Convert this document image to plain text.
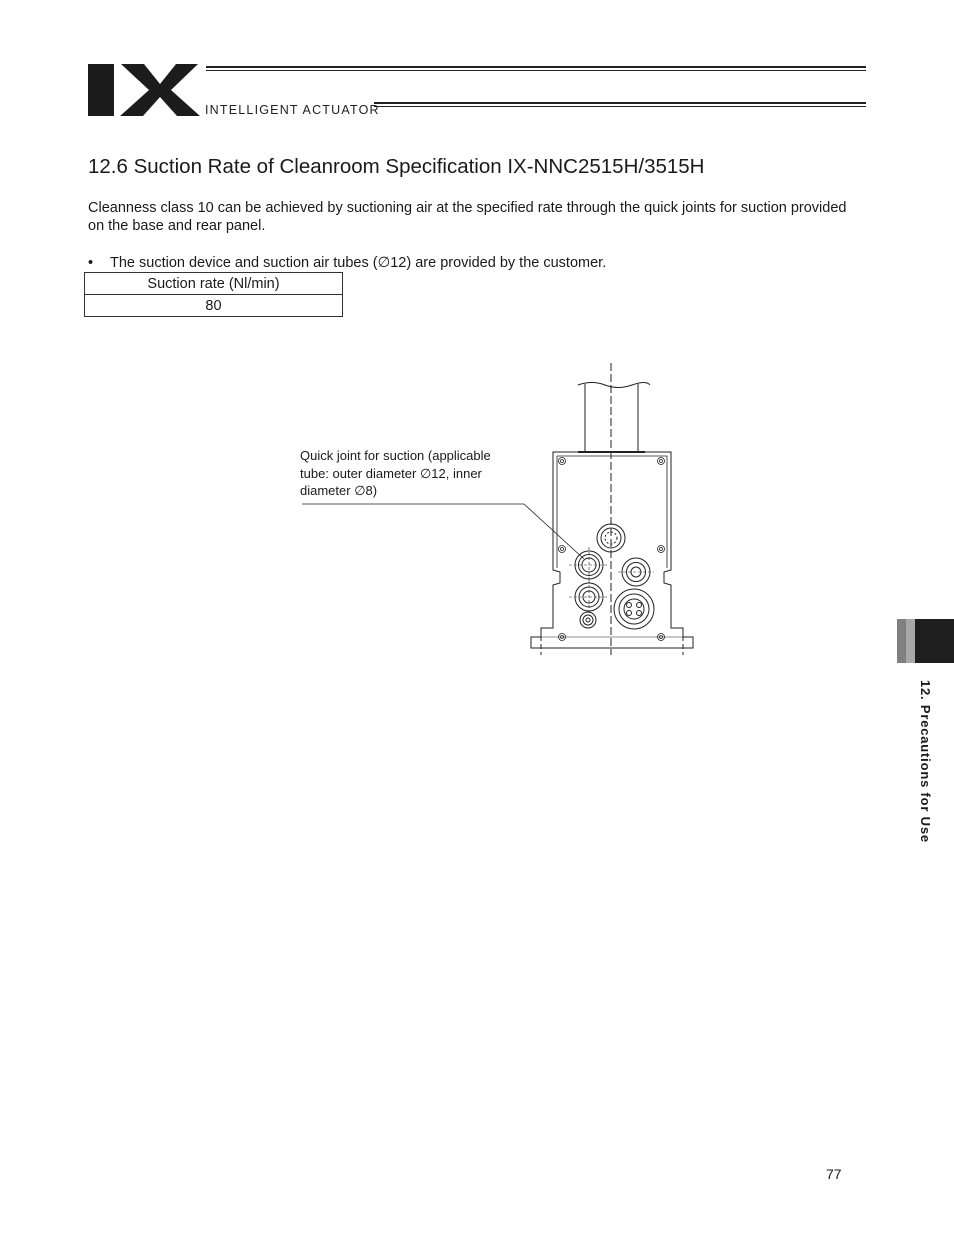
INTELLIGENT ACTUATOR
12.6 Suction Rate of Cleanroom Specification IX-NNC2515H/3515H

Cleanness class 10 can be achieved by suctioning air at the specified rate through the quick joints for suction provided on the base and rear panel.

• The suction device and suction air tubes (∅12) are provided by the customer.

Suction rate (Nl/min)
80

Quick joint for suction (applicable tube: outer diameter ∅12, inner diameter ∅8)

12. Precautions for Use
77
